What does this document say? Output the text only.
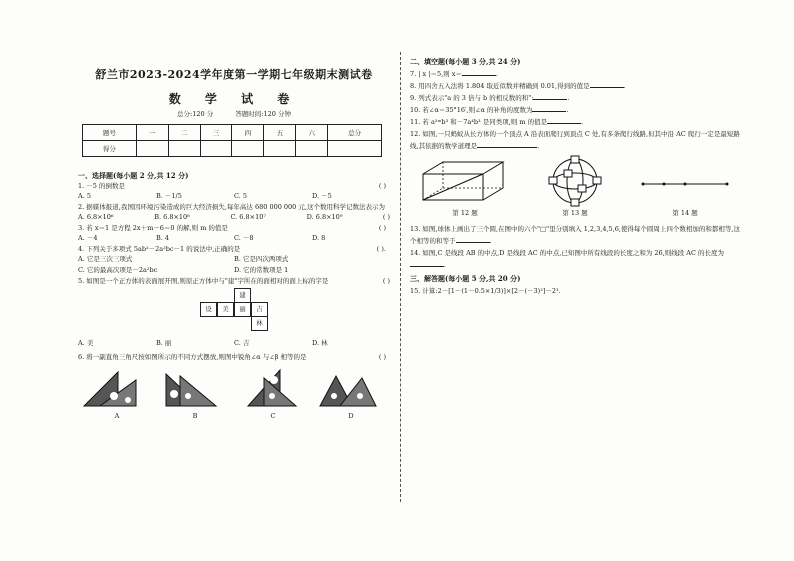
舒兰市2023-2024学年度第一学期七年级期末测试卷
数 学 试 卷
总分:120 分	答题时间:120 分钟
题号	一	二	三	四	五	六	总分
得分							
一、选择题(每小题 2 分,共 12 分)
1. －5 的倒数是	( )
A. 5	B. －1/5	C. 5	D. －5
2. 据媒体报道,我国因环境污染造成的巨大经济损失,每年高达 680 000 000 元,这个数用科学记数法表示为
( )
A. 6.8×10⁶	B. 6.8×10⁸	C. 6.8×10⁷	D. 6.8×10⁹
3. 若 x＝1 是方程 2x＋m－6＝0 的解,则 m 的值是	( )
A. －4	B. 4	C. －8	D. 8
4. 下列关于多项式 5ab²－2a²bc－1 的说法中,正确的是	( ).
A. 它是三次三项式	B. 它是四次两项式
C. 它的最高次项是－2a²bc	D. 它的常数项是 1
5. 如图是一个正方体的表面展开图,则原正方体中与"建"字所在的面相对的面上标的字是	( )
建
设	美	丽	吉
林
A. 美	B. 丽	C. 吉	D. 林
6. 将一副直角三角尺按如图所示的不同方式摆放,则图中锐角∠α 与∠β 相等的是	( )
A	B	C	D
二、填空题(每小题 3 分,共 24 分)
7. | x |＝5,则 x＝	.
8. 用四舍五入法将 1.804 取近似数并精确到 0.01,得到的值是	.
9. 列式表示"a 的 3 倍与 b 的相反数的和":	.
10. 若∠α＝35°16′,则∠α 的补角的度数为	.
11. 若 a²ᵐb³ 和－7a⁴b³ 是同类项,则 m 的值是	.
12. 如图,一只蚂蚁从长方体的一个顶点 A 沿表面爬行到顶点 C 处,有多条爬行线路,但其中沿 AC 爬行一定是最短路线,其依据的数学道理是	.
第 12 题	第 13 题	第 14 题
13. 如图,球体上画出了三个圆,在图中的六个"□"里分别填入 1,2,3,4,5,6,使得每个圆周上四个数相加的和都相等,这个相等的和等于	.
14. 如图,C 是线段 AB 的中点,D 是线段 AC 的中点,已知图中所有线段的长度之和为 26,则线段 AC 的长度为.
三、解答题(每小题 5 分,共 20 分)
15. 计算:2－[1－(1－0.5×1/3)]×[2－(－3)²]－2³.
